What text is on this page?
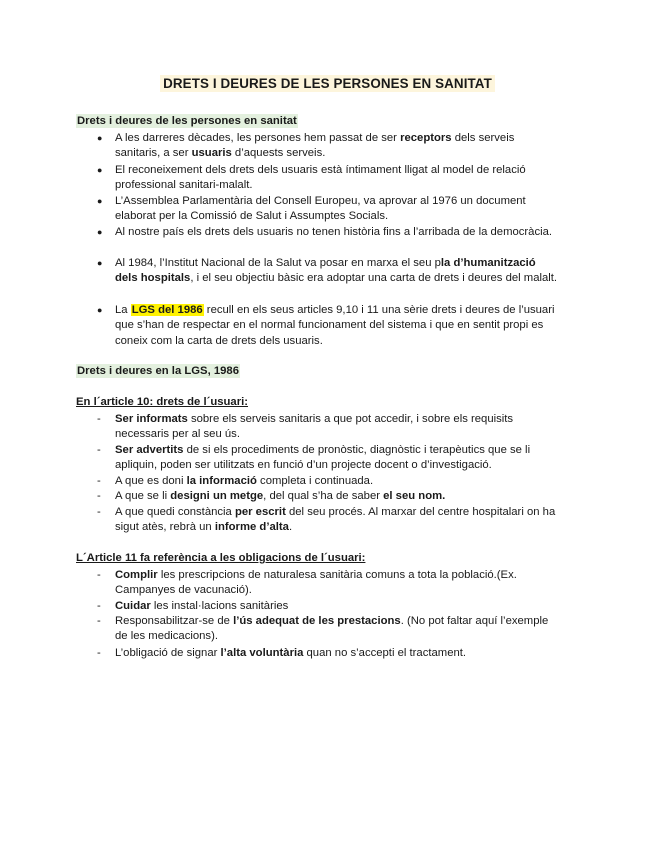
DRETS I DEURES DE LES PERSONES EN SANITAT
Drets i deures de les persones en sanitat
● A les darreres dècades, les persones hem passat de ser receptors dels serveis
sanitaris, a ser usuaris d’aquests serveis.
● El reconeixement dels drets dels usuaris està íntimament lligat al model de relació
professional sanitari-malalt.
● L’Assemblea Parlamentària del Consell Europeu, va aprovar al 1976 un document
elaborat per la Comissió de Salut i Assumptes Socials.
● Al nostre país els drets dels usuaris no tenen història fins a l’arribada de la democràcia.
● Al 1984, l’Institut Nacional de la Salut va posar en marxa el seu pla d’humanització
dels hospitals, i el seu objectiu bàsic era adoptar una carta de drets i deures del malalt.
● La LGS del 1986 recull en els seus articles 9,10 i 11 una sèrie drets i deures de l’usuari
que s’han de respectar en el normal funcionament del sistema i que en sentit propi es
coneix com la carta de drets dels usuaris.
Drets i deures en la LGS, 1986
En l´article 10: drets de l´usuari:
- Ser informats sobre els serveis sanitaris a que pot accedir, i sobre els requisits
necessaris per al seu ús.
- Ser advertits de si els procediments de pronòstic, diagnòstic i terapèutics que se li
apliquin, poden ser utilitzats en funció d’un projecte docent o d’investigació.
- A que es doni la informació completa i continuada.
- A que se li designi un metge, del qual s’ha de saber el seu nom.
- A que quedi constància per escrit del seu procés. Al marxar del centre hospitalari on ha
sigut atès, rebrà un informe d’alta.
L´Article 11 fa referència a les obligacions de l´usuari:
- Complir les prescripcions de naturalesa sanitària comuns a tota la població.(Ex.
Campanyes de vacunació).
- Cuidar les instal·lacions sanitàries
- Responsabilitzar-se de l’ús adequat de les prestacions. (No pot faltar aquí l’exemple
de les medicacions).
- L’obligació de signar l’alta voluntària quan no s’accepti el tractament.
